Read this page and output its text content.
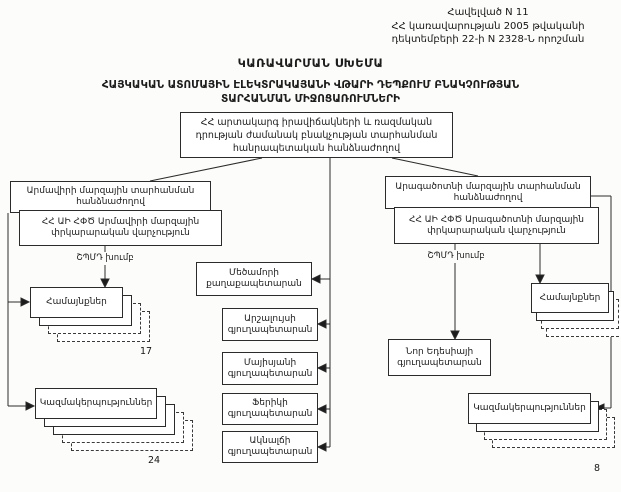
Հավելված N 11
ՀՀ կառավարության 2005 թվականի
դեկտեմբերի 22-ի N 2328-Ն որոշման
ԿԱՌԱՎԱՐՄԱՆ ՍԽԵՄԱ
ՀԱՅԿԱԿԱՆ ԱՏՈՄԱՅԻՆ ԷԼԵԿՏՐԱԿԱՅԱՆԻ ՎԹԱՐԻ ԴԵՊՔՈՒՄ ԲՆԱԿՉՈՒԹՅԱՆ
ՏԱՐՀԱՆՄԱՆ ՄԻՋՈՑԱՌՈՒՄՆԵՐԻ
ՀՀ արտակարգ իրավիճակների և ռազմական դրության ժամանակ բնակչության տարհանման հանրապետական հանձնաժողով
Արմավիրի մարզային տարհանման հանձնաժողով
ՀՀ ԱԻ ՀՓԾ Արմավիրի մարզային փրկարարական վարչություն
ՇՊՄԴ խումբ
Համայնքներ
17
Կազմակերպություններ
24
Արագածոտնի մարզային տարհանման հանձնաժողով
ՀՀ ԱԻ ՀՓԾ Արագածոտնի մարզային փրկարարական վարչություն
ՇՊՄԴ խումբ
Համայնքներ
Նոր Եդեսիայի գյուղապետարան
Կազմակերպություններ
8
Մեծամորի քաղաքապետարան
Արշալույսի գյուղապետարան
Մայիսյանի գյուղապետարան
Ֆերիկի գյուղապետարան
Ակնալճի գյուղապետարան
